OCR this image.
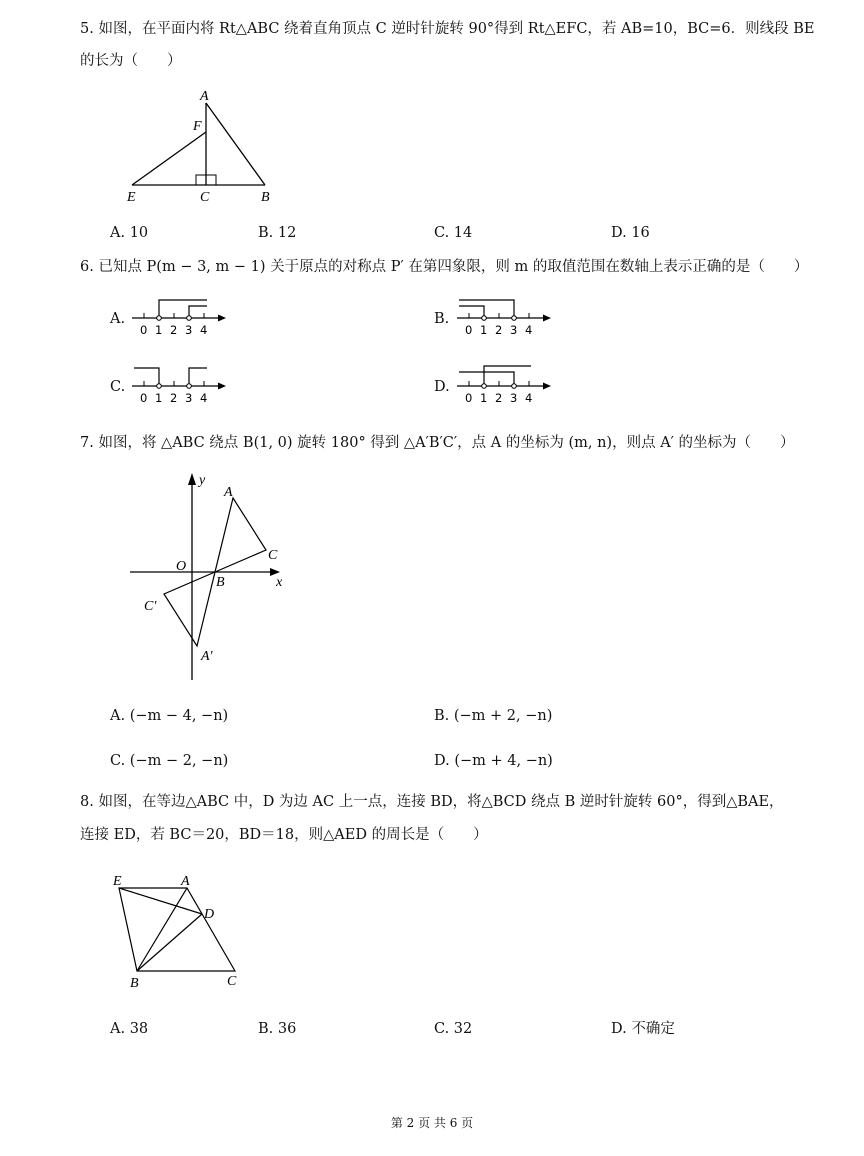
5. 如图，在平面内将 Rt△ABC 绕着直角顶点 C 逆时针旋转 90°得到 Rt△EFC，若 AB=10，BC=6．则线段 BE
的长为（　　）
A
F
E	C	B
A. 10	B. 12	C. 14	D. 16
6. 已知点 P(m − 3, m − 1) 关于原点的对称点 P′ 在第四象限，则 m 的取值范围在数轴上表示正确的是（　　）
A.
0 1 2 3 4
B.
0 1 2 3 4
C.
0 1 2 3 4
D.
0 1 2 3 4
7. 如图，将 △ABC 绕点 B(1, 0) 旋转 180° 得到 △A′B′C′，点 A 的坐标为 (m, n)，则点 A′ 的坐标为（　　）
y
x
O
A
B
C
C′
A′
A. (−m − 4, −n)	B. (−m + 2, −n)
C. (−m − 2, −n)	D. (−m + 4, −n)
8. 如图，在等边△ABC 中，D 为边 AC 上一点，连接 BD，将△BCD 绕点 B 逆时针旋转 60°，得到△BAE，
连接 ED，若 BC＝20，BD＝18，则△AED 的周长是（　　）
E	A
D
B	C
A. 38	B. 36	C. 32	D. 不确定
第 2 页 共 6 页
